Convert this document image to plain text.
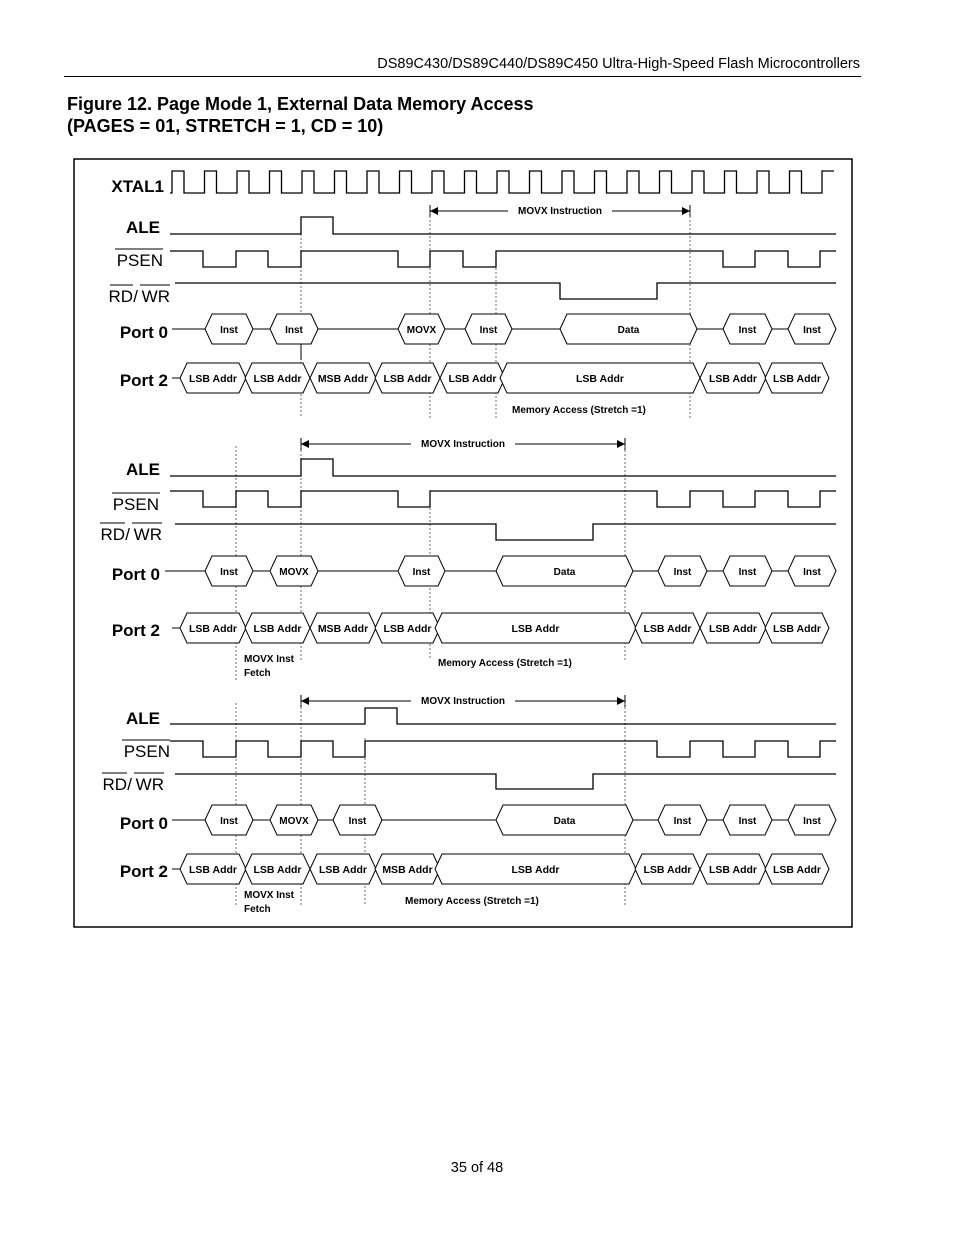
DS89C430/DS89C440/DS89C450 Ultra-High-Speed Flash Microcontrollers

Figure 12. Page Mode 1, External Data Memory Access

(PAGES = 01, STRETCH = 1, CD = 10)

XTAL1
MOVX Instruction
ALE
PSEN
WR
/
RD
Port 0	Inst	Inst	MOVX	Inst	Data	Inst	Inst
Port 2 LSB Addr LSB Addr MSB Addr LSB Addr LSB Addr	LSB Addr	LSB Addr LSB Addr
Memory Access (Stretch =1)
MOVX Instruction
ALE
PSEN
WR
/
RD
Port 0	Inst	MOVX	Inst	Data	Inst	Inst	Inst
Port 2	LSB Addr LSB Addr MSB Addr LSB Addr	LSB Addr	LSB Addr LSB Addr LSB Addr
MOVX Inst
Fetch
Memory Access (Stretch =1)
MOVX Instruction
ALE
PSEN
WR
/
RD
Port 0	Inst	MOVX	Inst	Data	Inst	Inst	Inst
Port 2 LSB Addr LSB Addr LSB Addr MSB Addr	LSB Addr	LSB Addr LSB Addr LSB Addr
MOVX Inst
Fetch
Memory Access (Stretch =1)
35 of 48
